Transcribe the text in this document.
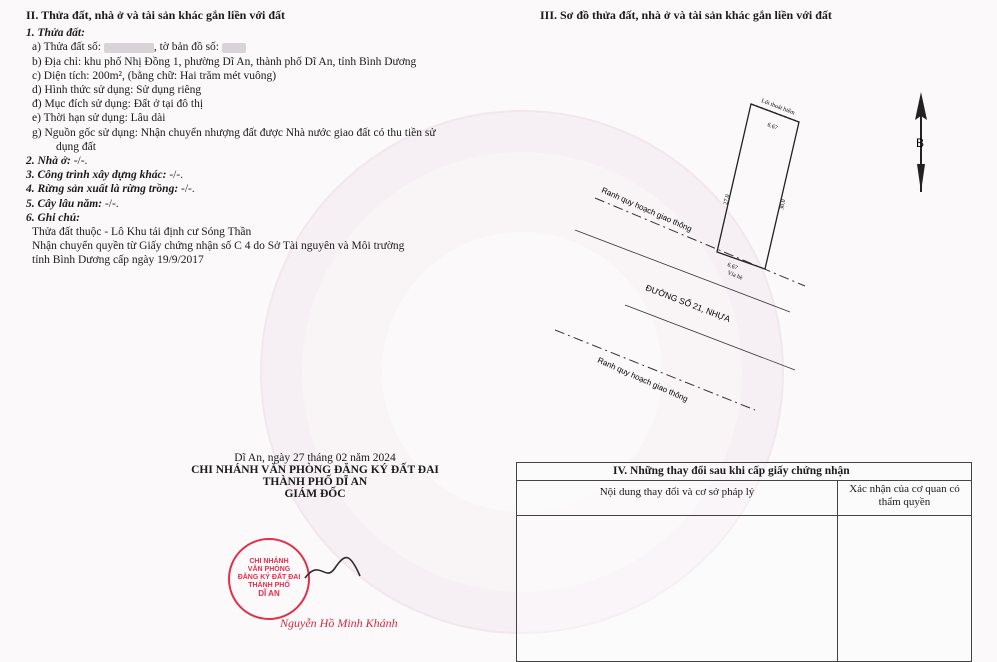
II. Thửa đất, nhà ở và tài sản khác gắn liền với đất
1. Thửa đất:
a) Thửa đất số:	, tờ bản đồ số:
b) Địa chỉ: khu phố Nhị Đồng 1, phường Dĩ An, thành phố Dĩ An, tỉnh Bình Dương
c) Diện tích: 200m², (bằng chữ: Hai trăm mét vuông)
d) Hình thức sử dụng: Sử dụng riêng
đ) Mục đích sử dụng: Đất ở tại đô thị
e) Thời hạn sử dụng: Lâu dài
g) Nguồn gốc sử dụng: Nhận chuyển nhượng đất được Nhà nước giao đất có thu tiền sử
dụng đất
2. Nhà ở: -/-.
3. Công trình xây dựng khác: -/-.
4. Rừng sản xuất là rừng trồng: -/-.
5. Cây lâu năm: -/-.
6. Ghi chú:
Thửa đất thuộc - Lô Khu tái định cư Sóng Thần
Nhận chuyển quyền từ Giấy chứng nhận số C 4 do Sở Tài nguyên và Môi trường
tỉnh Bình Dương cấp ngày 19/9/2017
Dĩ An, ngày 27 tháng 02 năm 2024
CHI NHÁNH VĂN PHÒNG ĐĂNG KÝ ĐẤT ĐAI
THÀNH PHỐ DĨ AN
GIÁM ĐỐC
CHI NHÁNH
VĂN PHÒNG
ĐĂNG KÝ ĐẤT ĐAI
THÀNH PHỐ
DĨ AN
Nguyễn Hồ Minh Khánh
III. Sơ đồ thửa đất, nhà ở và tài sản khác gắn liền với đất
B
Lối thoát hiểm
6.67
27.0	30.0
6.67
Ranh quy hoạch giao thông
Vỉa hè
ĐƯỜNG SỐ 21, NHỰA
Ranh quy hoạch giao thông
IV. Những thay đổi sau khi cấp giấy chứng nhận
Nội dung thay đổi và cơ sở pháp lý	Xác nhận của cơ quan có thẩm quyền
